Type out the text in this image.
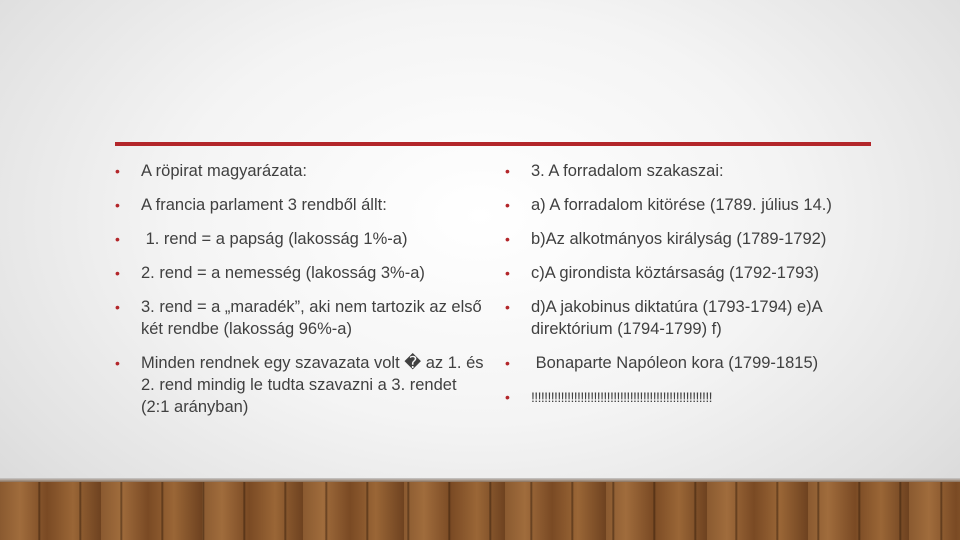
•	A röpirat magyarázata:
•	A francia parlament 3 rendből állt:
•	1. rend = a papság (lakosság 1%-a)
•	2. rend = a nemesség (lakosság 3%-a)
•	3. rend = a „maradék”, aki nem tartozik az első két rendbe (lakosság 96%-a)
•	Minden rendnek egy szavazata volt � az 1. és 2. rend mindig le tudta szavazni a 3. rendet (2:1 arányban)
•	3. A forradalom szakaszai:
•	a) A forradalom kitörése (1789. július 14.)
•	b)Az alkotmányos királyság (1789-1792)
•	c)A girondista köztársaság (1792-1793)
•	d)A jakobinus diktatúra (1793-1794) e)A direktórium (1794-1799) f)
•	Bonaparte Napóleon kora (1799-1815)
•	!!!!!!!!!!!!!!!!!!!!!!!!!!!!!!!!!!!!!!!!!!!!!!!!!!!!!!!
